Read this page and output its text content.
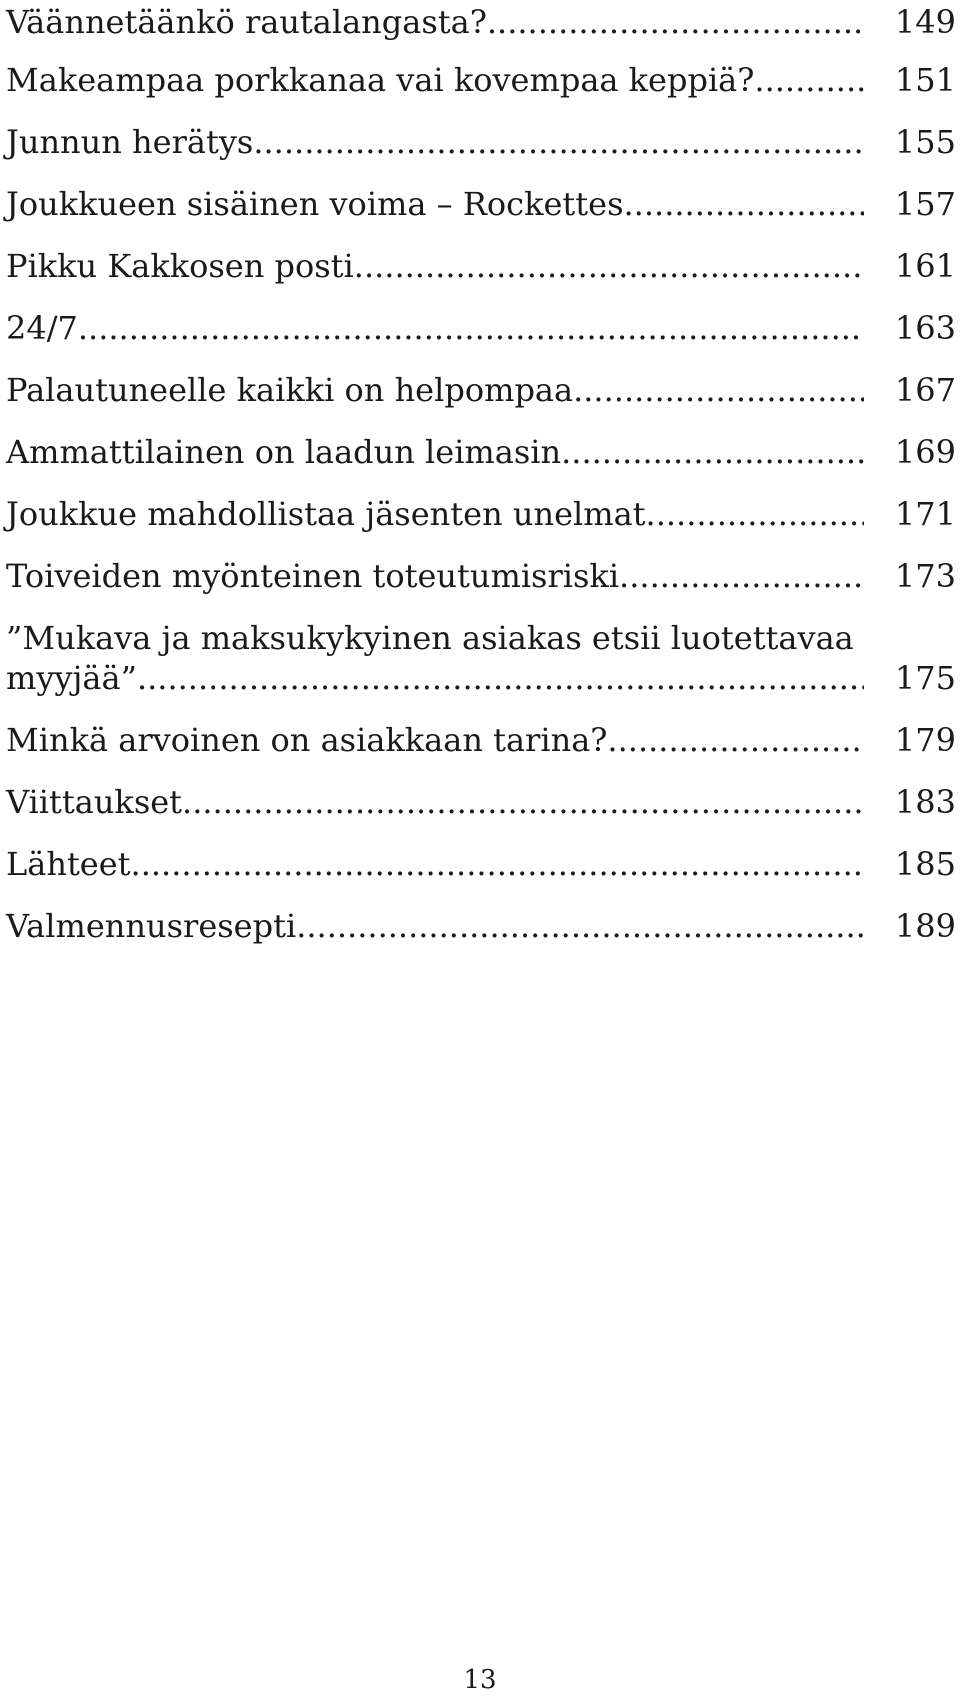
Väännetäänkö rautalangasta? .....	149
Makeampaa porkkanaa vai kovempaa keppiä? .....	151
Junnun herätys .....	155
Joukkueen sisäinen voima – Rockettes .....	157
Pikku Kakkosen posti .....	161
24/7 .....	163
Palautuneelle kaikki on helpompaa .....	167
Ammattilainen on laadun leimasin .....	169
Joukkue mahdollistaa jäsenten unelmat .....	171
Toiveiden myönteinen toteutumisriski .....	173
”Mukava ja maksukykyinen asiakas etsii luotettavaa
myyjää” .....	175
Minkä arvoinen on asiakkaan tarina? .....	179
Viittaukset .....	183
Lähteet .....	185
Valmennusresepti .....	189
13
